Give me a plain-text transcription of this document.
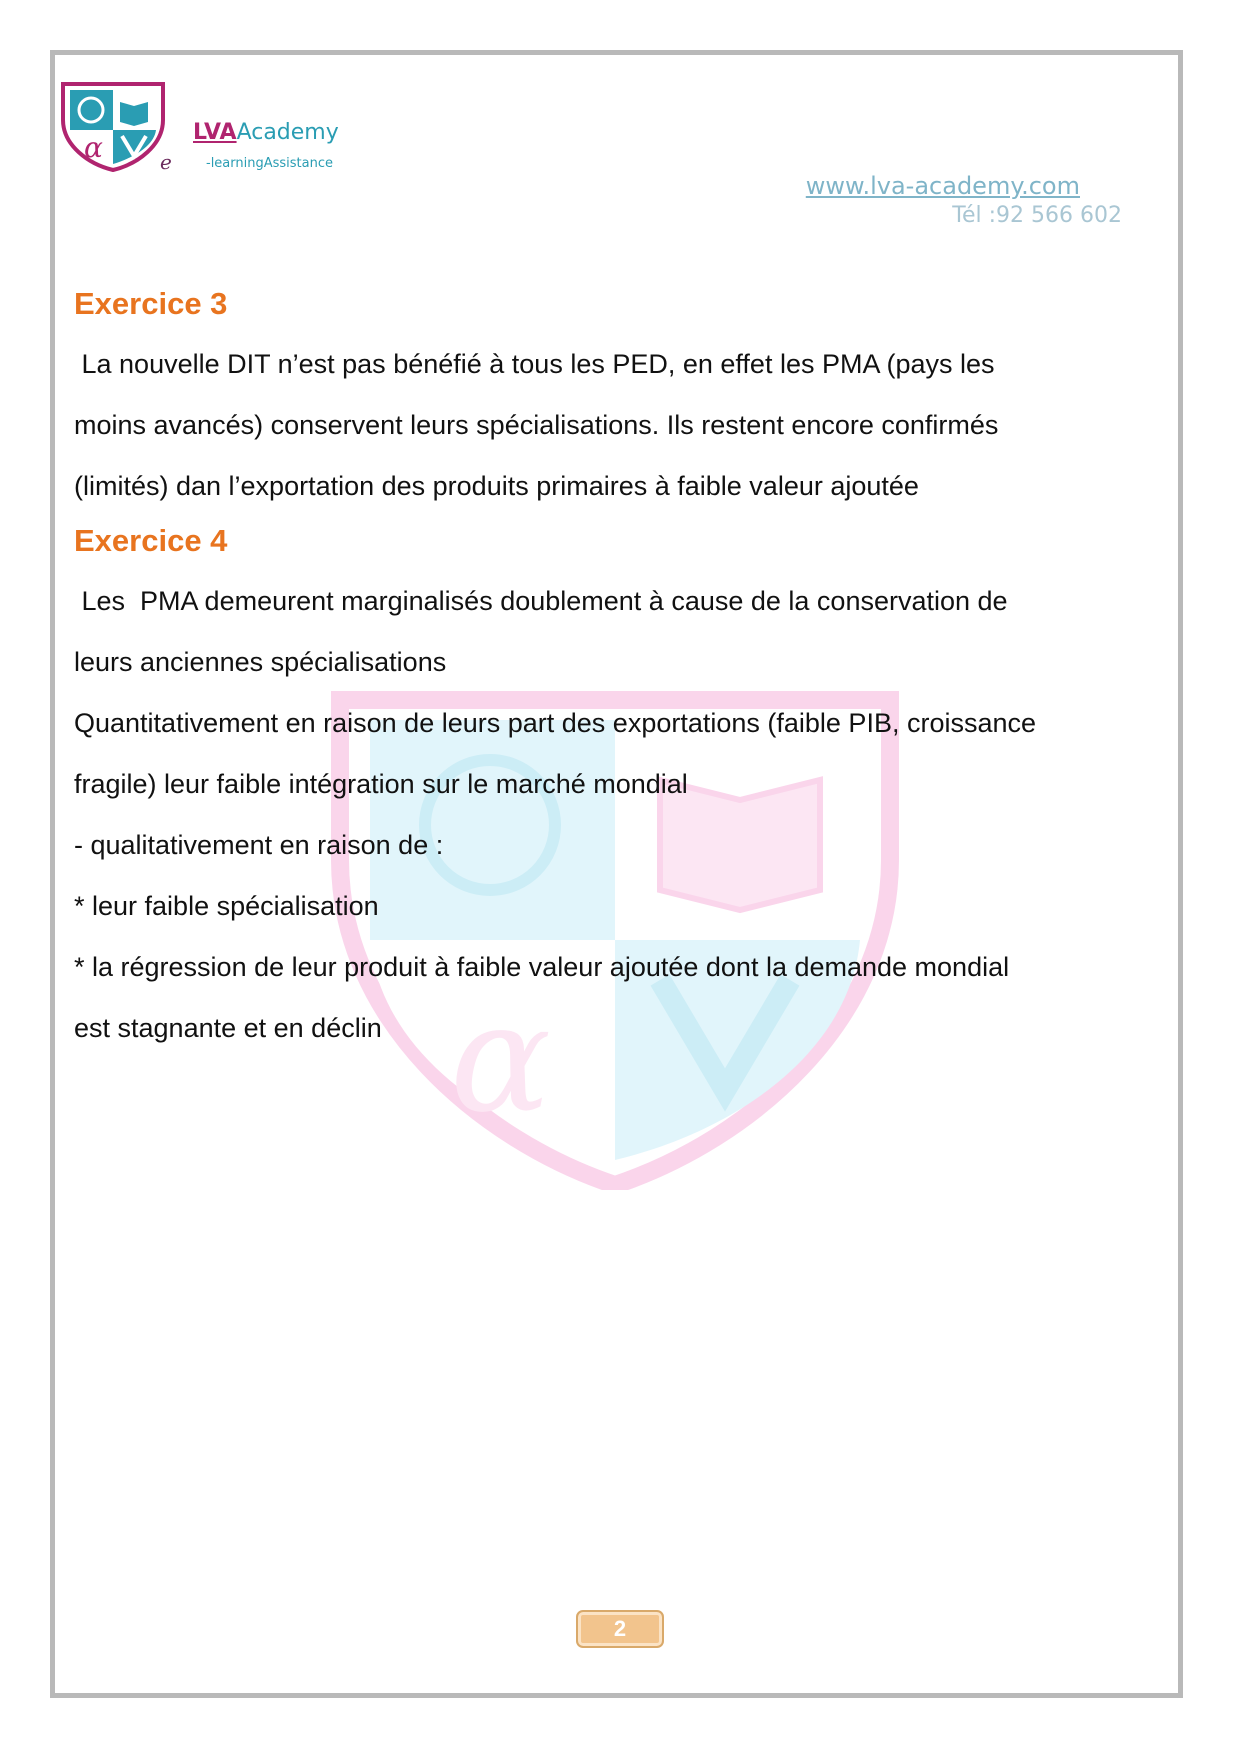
α	e
LVAAcademy
-learningAssistance
www.lva-academy.com
Tél :92 566 602
α
Exercice 3

La nouvelle DIT n’est pas bénéfié à tous les PED, en effet les PMA (pays les

moins avancés) conservent leurs spécialisations. Ils restent encore confirmés

(limités) dan l’exportation des produits primaires à faible valeur ajoutée

Exercice 4

Les  PMA demeurent marginalisés doublement à cause de la conservation de

leurs anciennes spécialisations

Quantitativement en raison de leurs part des exportations (faible PIB, croissance

fragile) leur faible intégration sur le marché mondial

- qualitativement en raison de :

* leur faible spécialisation

* la régression de leur produit à faible valeur ajoutée dont la demande mondial

est stagnante et en déclin

2
